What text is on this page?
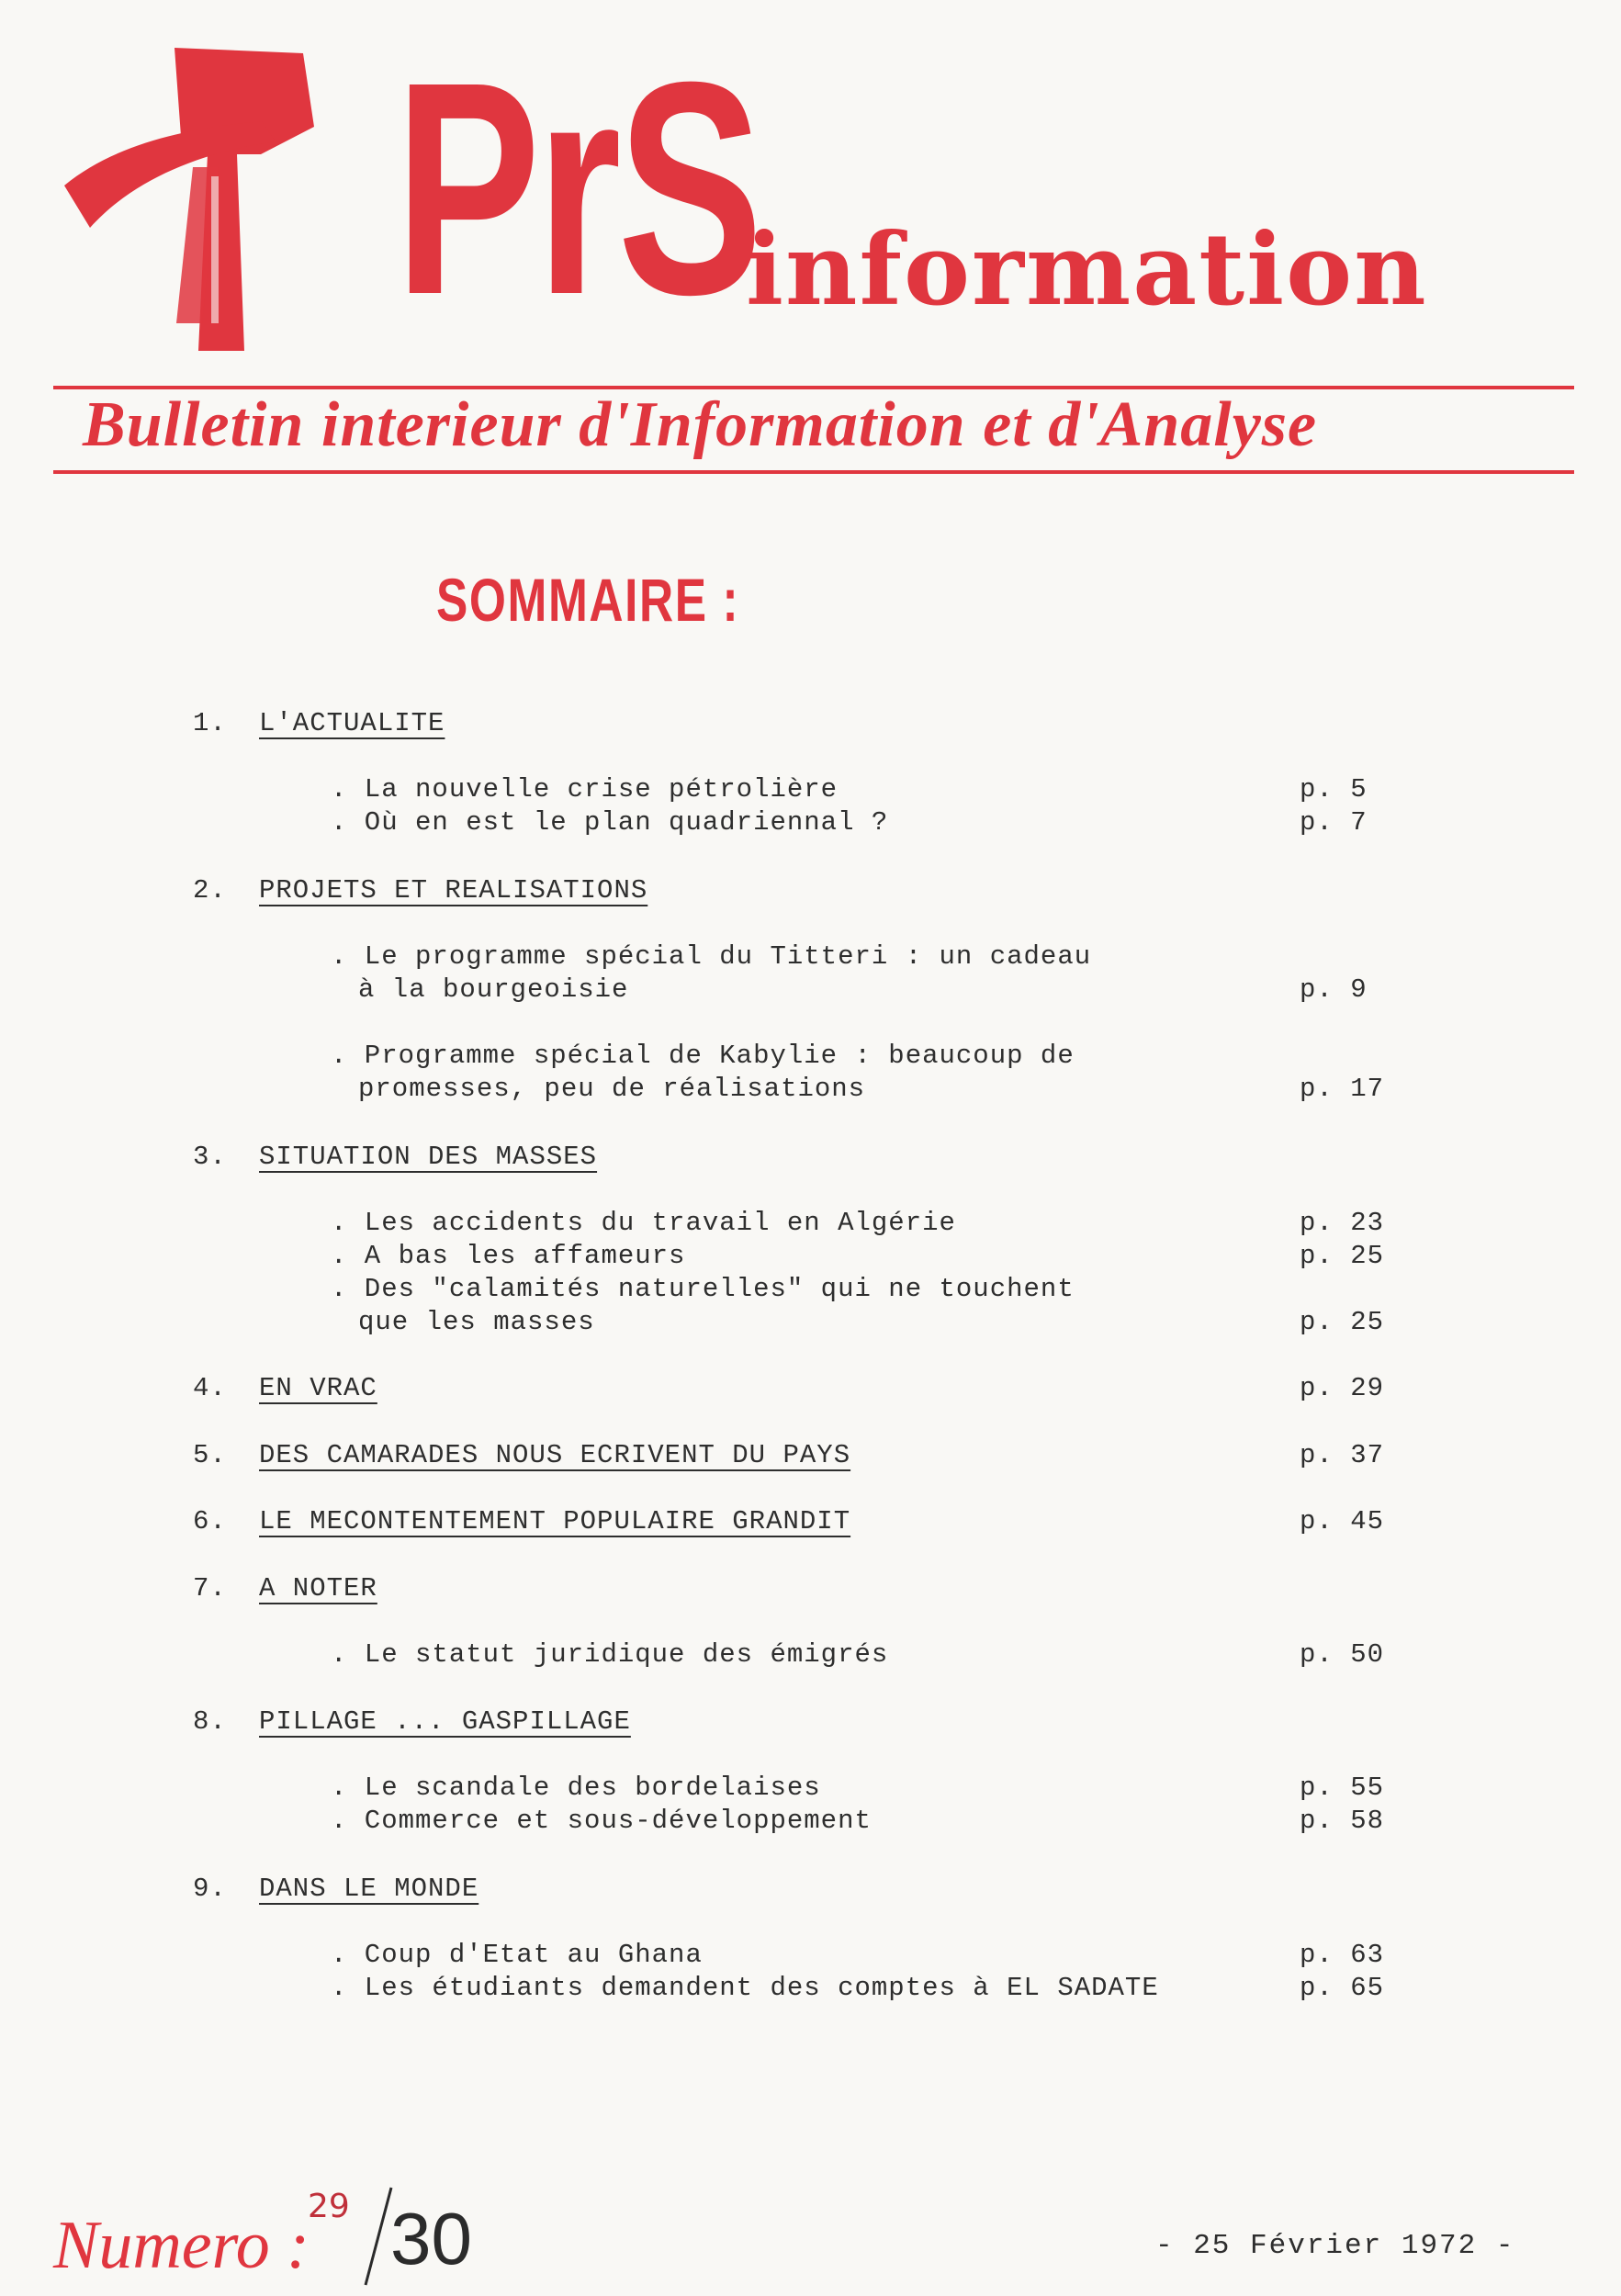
PrS
information
Bulletin interieur d'Information et d'Analyse
SOMMAIRE :
1. L'ACTUALITE
. La nouvelle crise pétrolière	p. 5
. Où en est le plan quadriennal ?	p. 7
2. PROJETS ET REALISATIONS
. Le programme spécial du Titteri : un cadeau
à la bourgeoisie	p. 9
. Programme spécial de Kabylie : beaucoup de
promesses, peu de réalisations	p. 17
3. SITUATION DES MASSES
. Les accidents du travail en Algérie	p. 23
. A bas les affameurs	p. 25
. Des "calamités naturelles" qui ne touchent
que les masses	p. 25
4. EN VRAC	p. 29
5. DES CAMARADES NOUS ECRIVENT DU PAYS	p. 37
6. LE MECONTENTEMENT POPULAIRE GRANDIT	p. 45
7. A NOTER
. Le statut juridique des émigrés	p. 50
8. PILLAGE ... GASPILLAGE
. Le scandale des bordelaises	p. 55
. Commerce et sous-développement	p. 58
9. DANS LE MONDE
. Coup d'Etat au Ghana	p. 63
. Les étudiants demandent des comptes à EL SADATE	p. 65
Numero :
29 30	- 25 Février 1972 -
